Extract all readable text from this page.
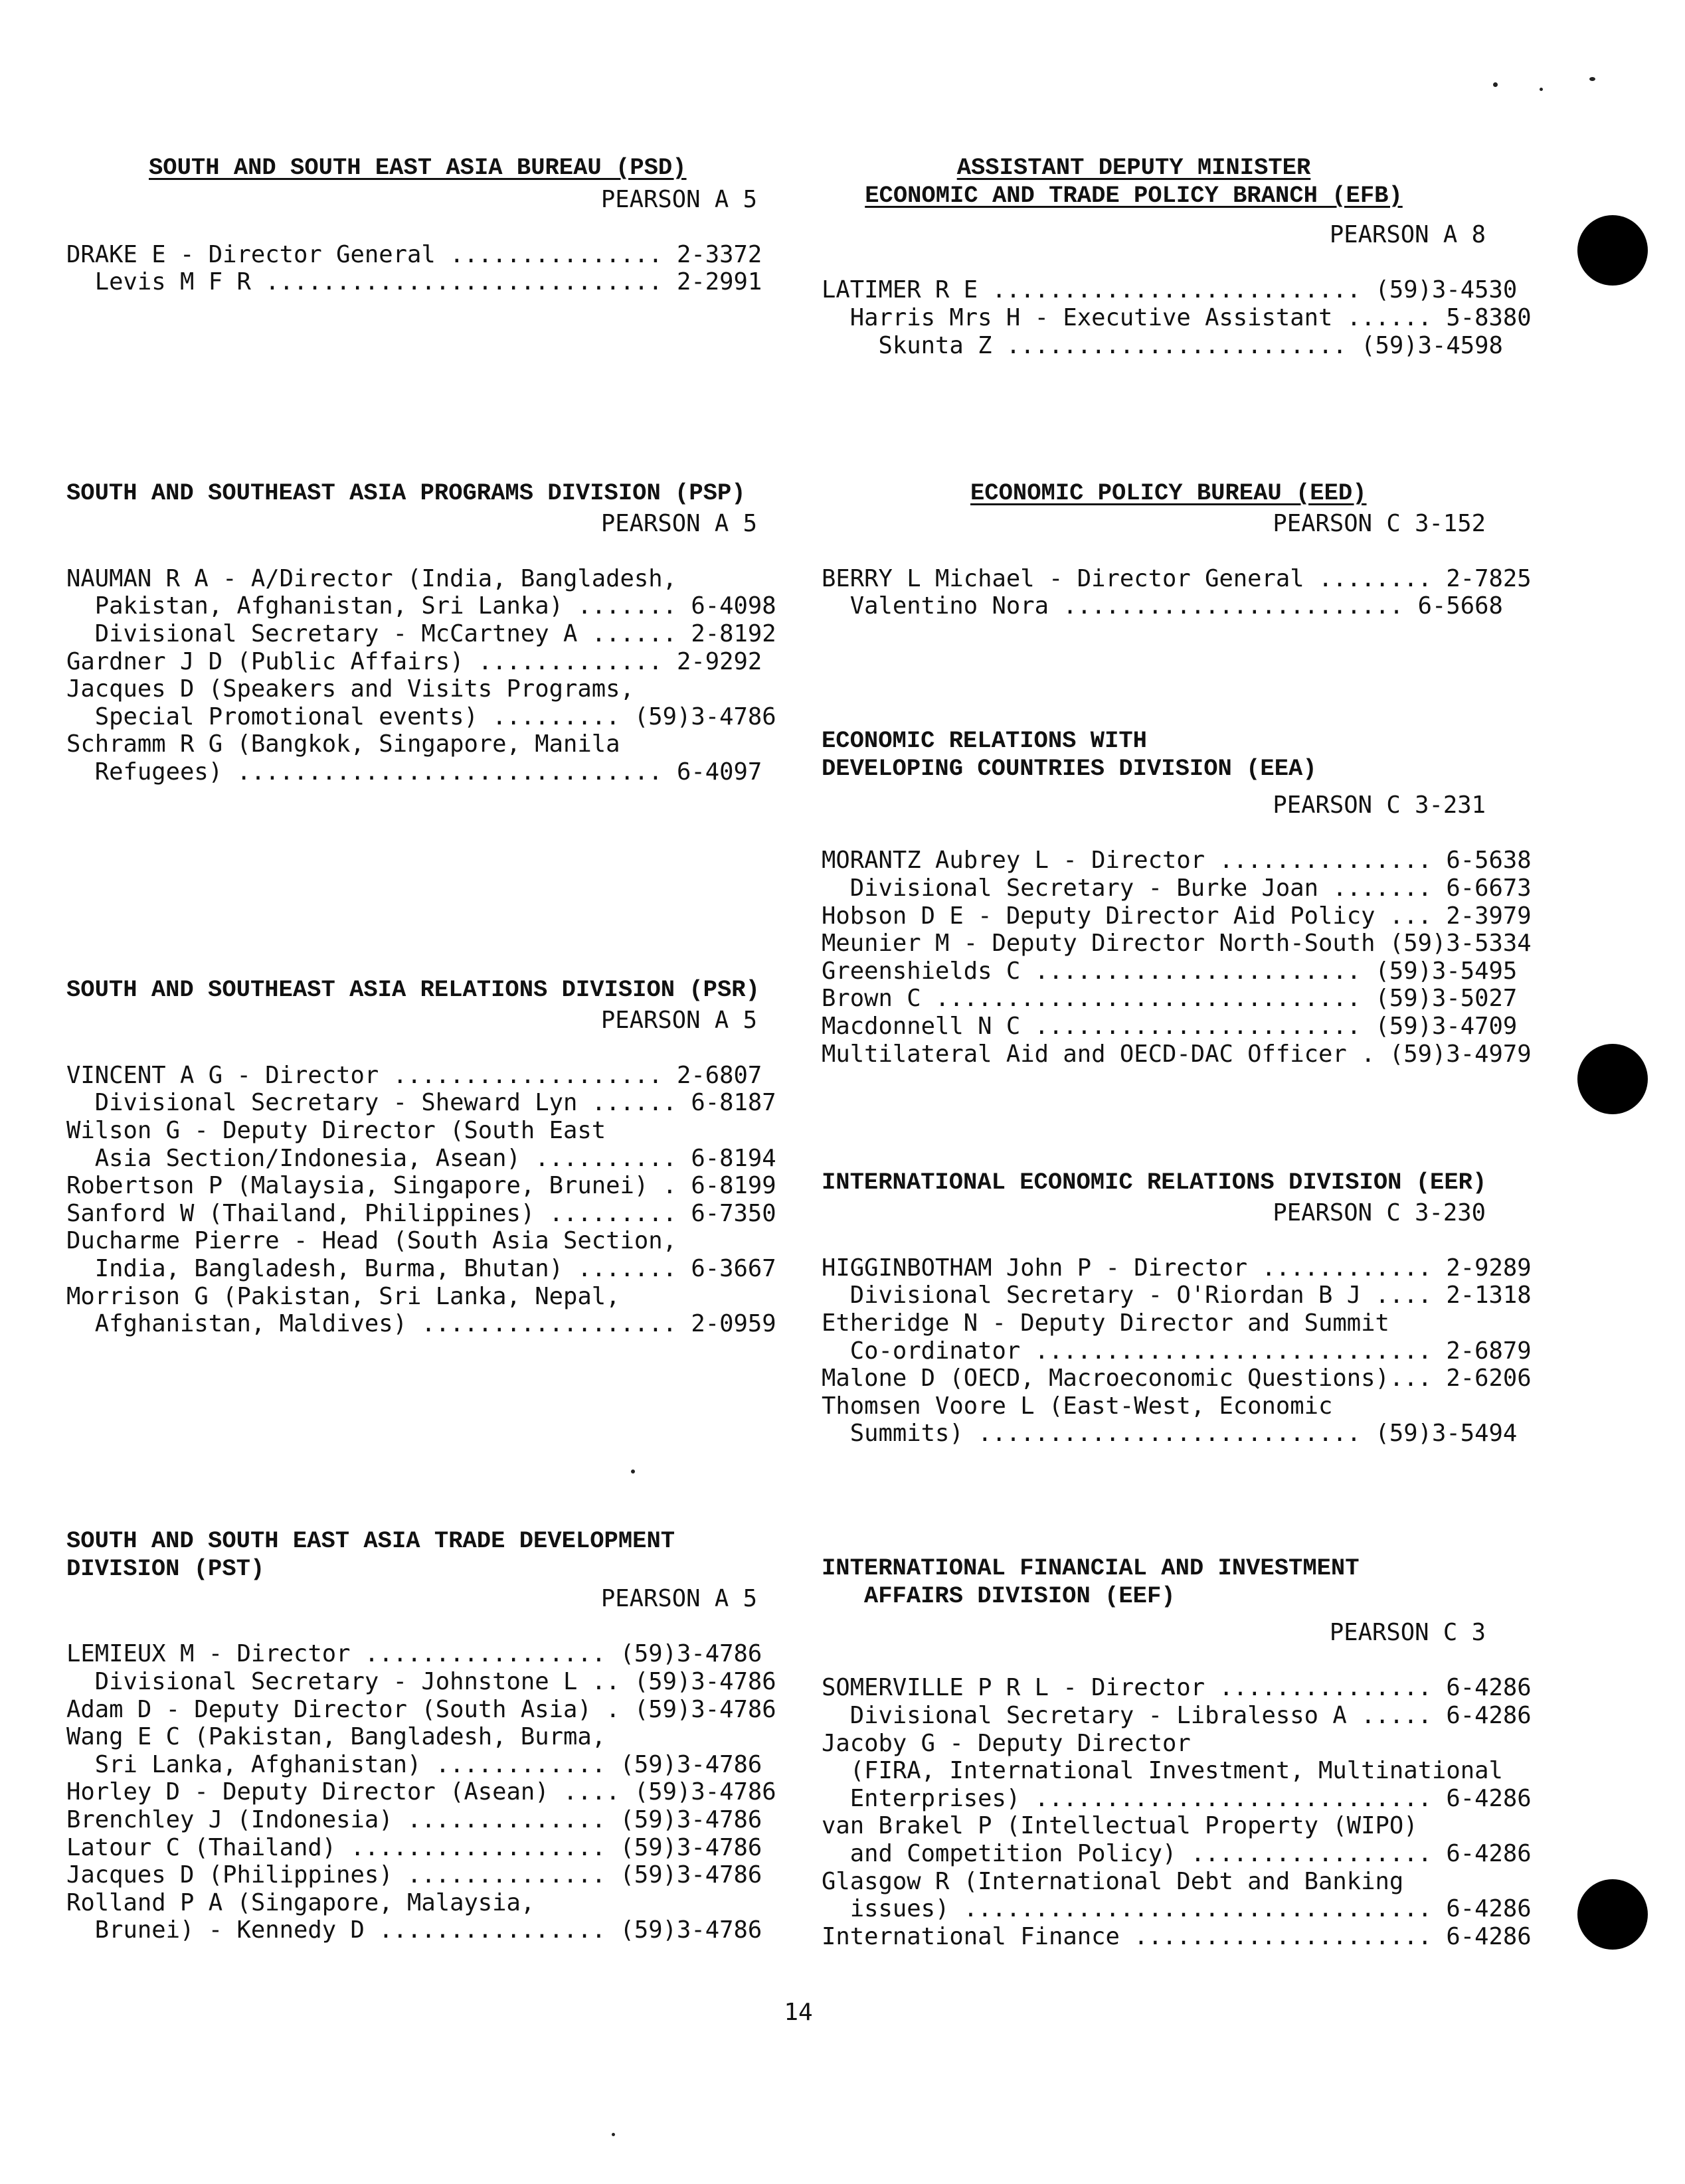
SOUTH AND SOUTH EAST ASIA BUREAU (PSD)
PEARSON A 5
DRAKE E - Director General ............... 2-3372
Levis M F R ............................ 2-2991
SOUTH AND SOUTHEAST ASIA PROGRAMS DIVISION (PSP)
PEARSON A 5
NAUMAN R A - A/Director (India, Bangladesh,
Pakistan, Afghanistan, Sri Lanka) ....... 6-4098
Divisional Secretary - McCartney A ...... 2-8192
Gardner J D (Public Affairs) ............. 2-9292
Jacques D (Speakers and Visits Programs,
Special Promotional events) ......... (59)3-4786
Schramm R G (Bangkok, Singapore, Manila
Refugees) .............................. 6-4097
SOUTH AND SOUTHEAST ASIA RELATIONS DIVISION (PSR)
PEARSON A 5
VINCENT A G - Director ................... 2-6807
Divisional Secretary - Sheward Lyn ...... 6-8187
Wilson G - Deputy Director (South East
Asia Section/Indonesia, Asean) .......... 6-8194
Robertson P (Malaysia, Singapore, Brunei) . 6-8199
Sanford W (Thailand, Philippines) ......... 6-7350
Ducharme Pierre - Head (South Asia Section,
India, Bangladesh, Burma, Bhutan) ....... 6-3667
Morrison G (Pakistan, Sri Lanka, Nepal,
Afghanistan, Maldives) .................. 2-0959
SOUTH AND SOUTH EAST ASIA TRADE DEVELOPMENT
DIVISION (PST)
PEARSON A 5
LEMIEUX M - Director ................. (59)3-4786
Divisional Secretary - Johnstone L .. (59)3-4786
Adam D - Deputy Director (South Asia) . (59)3-4786
Wang E C (Pakistan, Bangladesh, Burma,
Sri Lanka, Afghanistan) ............ (59)3-4786
Horley D - Deputy Director (Asean) .... (59)3-4786
Brenchley J (Indonesia) .............. (59)3-4786
Latour C (Thailand) .................. (59)3-4786
Jacques D (Philippines) .............. (59)3-4786
Rolland P A (Singapore, Malaysia,
Brunei) - Kennedy D ................ (59)3-4786
ASSISTANT DEPUTY MINISTER
ECONOMIC AND TRADE POLICY BRANCH (EFB)
PEARSON A 8
LATIMER R E .......................... (59)3-4530
Harris Mrs H - Executive Assistant ...... 5-8380
Skunta Z ........................ (59)3-4598
ECONOMIC POLICY BUREAU (EED)
PEARSON C 3-152
BERRY L Michael - Director General ........ 2-7825
Valentino Nora ........................ 6-5668
ECONOMIC RELATIONS WITH
DEVELOPING COUNTRIES DIVISION (EEA)
PEARSON C 3-231
MORANTZ Aubrey L - Director ............... 6-5638
Divisional Secretary - Burke Joan ....... 6-6673
Hobson D E - Deputy Director Aid Policy ... 2-3979
Meunier M - Deputy Director North-South (59)3-5334
Greenshields C ....................... (59)3-5495
Brown C .............................. (59)3-5027
Macdonnell N C ....................... (59)3-4709
Multilateral Aid and OECD-DAC Officer . (59)3-4979
INTERNATIONAL ECONOMIC RELATIONS DIVISION (EER)
PEARSON C 3-230
HIGGINBOTHAM John P - Director ............ 2-9289
Divisional Secretary - O'Riordan B J .... 2-1318
Etheridge N - Deputy Director and Summit
Co-ordinator ............................ 2-6879
Malone D (OECD, Macroeconomic Questions)... 2-6206
Thomsen Voore L (East-West, Economic
Summits) ........................... (59)3-5494
INTERNATIONAL FINANCIAL AND INVESTMENT
AFFAIRS DIVISION (EEF)
PEARSON C 3
SOMERVILLE P R L - Director ............... 6-4286
Divisional Secretary - Libralesso A ..... 6-4286
Jacoby G - Deputy Director
(FIRA, International Investment, Multinational
Enterprises) ............................ 6-4286
van Brakel P (Intellectual Property (WIPO)
and Competition Policy) ................. 6-4286
Glasgow R (International Debt and Banking
issues) ................................. 6-4286
International Finance ..................... 6-4286
14
